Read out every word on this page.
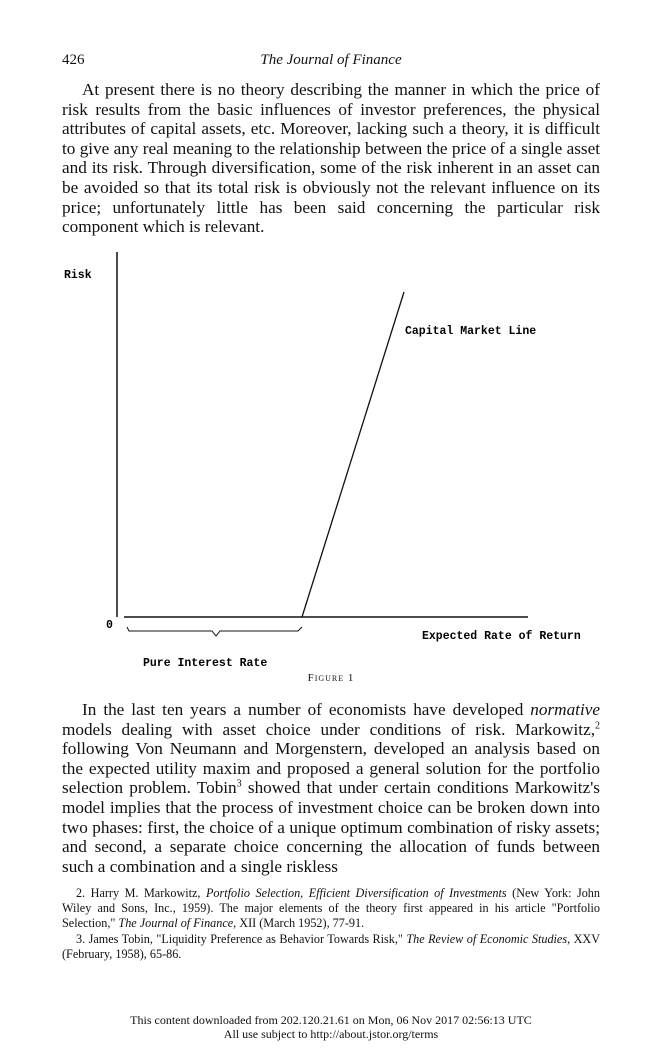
426	The Journal of Finance

At present there is no theory describing the manner in which the price of risk results from the basic influences of investor preferences, the physical attributes of capital assets, etc. Moreover, lacking such a theory, it is difficult to give any real meaning to the relationship between the price of a single asset and its risk. Through diversification, some of the risk inherent in an asset can be avoided so that its total risk is obviously not the relevant influence on its price; unfortunately little has been said concerning the particular risk component which is relevant.

Risk
0
Capital Market Line
Expected Rate of Return
Pure Interest Rate
Figure 1

In the last ten years a number of economists have developed normative models dealing with asset choice under conditions of risk. Markowitz,$^2$ following Von Neumann and Morgenstern, developed an analysis based on the expected utility maxim and proposed a general solution for the portfolio selection problem. Tobin$^3$ showed that under certain conditions Markowitz's model implies that the process of investment choice can be broken down into two phases: first, the choice of a unique optimum combination of risky assets; and second, a separate choice concerning the allocation of funds between such a combination and a single riskless

2. Harry M. Markowitz, Portfolio Selection, Efficient Diversification of Investments (New York: John Wiley and Sons, Inc., 1959). The major elements of the theory first appeared in his article "Portfolio Selection," The Journal of Finance, XII (March 1952), 77-91.

3. James Tobin, "Liquidity Preference as Behavior Towards Risk," The Review of Economic Studies, XXV (February, 1958), 65-86.

This content downloaded from 202.120.21.61 on Mon, 06 Nov 2017 02:56:13 UTC
All use subject to http://about.jstor.org/terms
